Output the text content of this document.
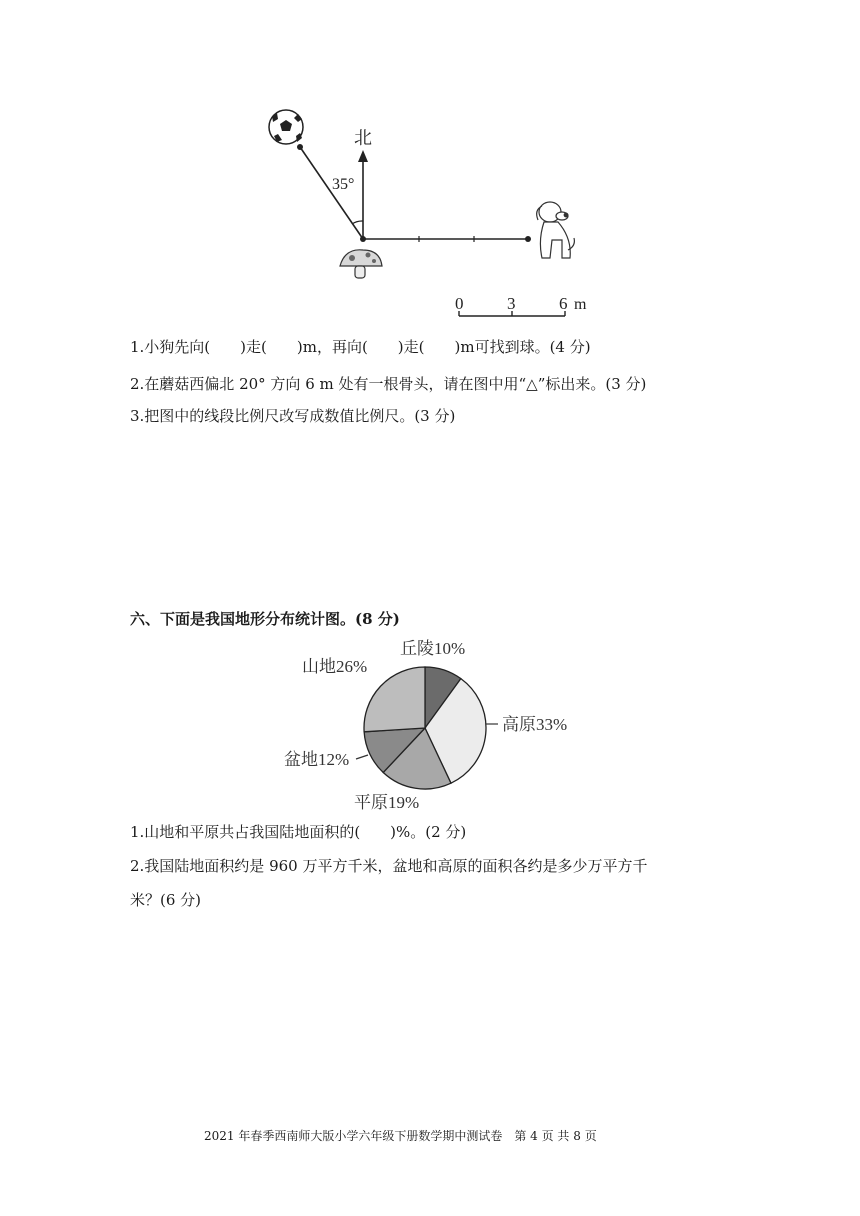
北
35°
0	3	6 m
1.小狗先向(　　)走(　　)m，再向(　　)走(　　)m可找到球。(4 分)
2.在蘑菇西偏北 20° 方向 6 m 处有一根骨头，请在图中用“△”标出来。(3 分)
3.把图中的线段比例尺改写成数值比例尺。(3 分)
六、下面是我国地形分布统计图。(8 分)
丘陵10%
高原33%
平原19%
盆地12%
山地26%
1.山地和平原共占我国陆地面积的(　　)%。(2 分)
2.我国陆地面积约是 960 万平方千米，盆地和高原的面积各约是多少万平方千
米？(6 分)
2021 年春季西南师大版小学六年级下册数学期中测试卷　第 4 页 共 8 页
